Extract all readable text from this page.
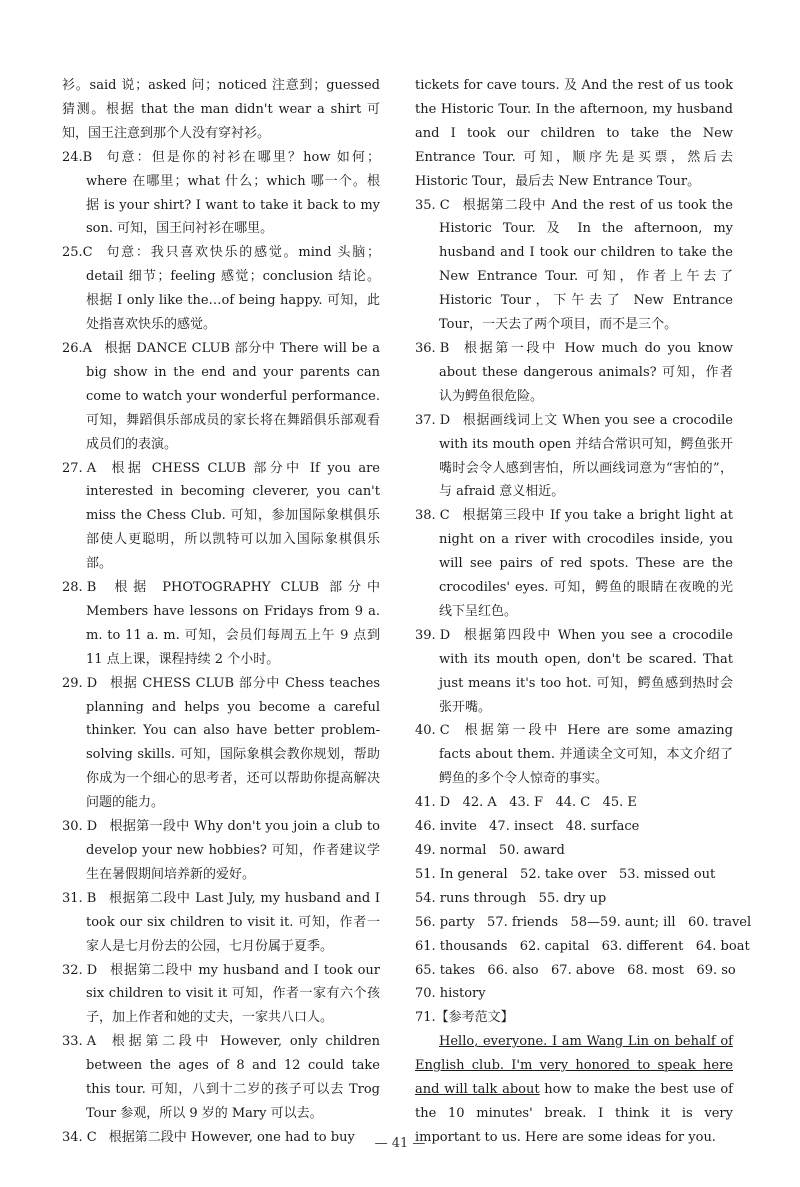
衫。said 说；asked 问；noticed 注意到；guessed 猜测。根据 that the man didn't wear a shirt 可知，国王注意到那个人没有穿衬衫。

24.B 句意：但是你的衬衫在哪里？how 如何；where 在哪里；what 什么；which 哪一个。根据 is your shirt? I want to take it back to my son. 可知，国王问衬衫在哪里。

25.C 句意：我只喜欢快乐的感觉。mind 头脑；detail 细节；feeling 感觉；conclusion 结论。根据 I only like the…of being happy. 可知，此处指喜欢快乐的感觉。

26.A 根据 DANCE CLUB 部分中 There will be a big show in the end and your parents can come to watch your wonderful performance. 可知，舞蹈俱乐部成员的家长将在舞蹈俱乐部观看成员们的表演。

27. A 根据 CHESS CLUB 部分中 If you are interested in becoming cleverer, you can't miss the Chess Club. 可知，参加国际象棋俱乐部使人更聪明，所以凯特可以加入国际象棋俱乐部。

28. B 根据 PHOTOGRAPHY CLUB 部分中 Members have lessons on Fridays from 9 a. m. to 11 a. m. 可知，会员们每周五上午 9 点到 11 点上课，课程持续 2 个小时。

29. D 根据 CHESS CLUB 部分中 Chess teaches planning and helps you become a careful thinker. You can also have better problem-solving skills. 可知，国际象棋会教你规划，帮助你成为一个细心的思考者，还可以帮助你提高解决问题的能力。

30. D 根据第一段中 Why don't you join a club to develop your new hobbies? 可知，作者建议学生在暑假期间培养新的爱好。

31. B 根据第二段中 Last July, my husband and I took our six children to visit it. 可知，作者一家人是七月份去的公园，七月份属于夏季。

32. D 根据第二段中 my husband and I took our six children to visit it 可知，作者一家有六个孩子，加上作者和她的丈夫，一家共八口人。

33. A 根据第二段中 However, only children between the ages of 8 and 12 could take this tour. 可知，八到十二岁的孩子可以去 Trog Tour 参观，所以 9 岁的 Mary 可以去。

34. C 根据第二段中 However, one had to buy

tickets for cave tours. 及 And the rest of us took the Historic Tour. In the afternoon, my husband and I took our children to take the New Entrance Tour. 可知，顺序先是买票，然后去 Historic Tour，最后去 New Entrance Tour。

35. C 根据第二段中 And the rest of us took the Historic Tour. 及 In the afternoon, my husband and I took our children to take the New Entrance Tour. 可知，作者上午去了 Historic Tour，下午去了 New Entrance Tour，一天去了两个项目，而不是三个。

36. B 根据第一段中 How much do you know about these dangerous animals? 可知，作者认为鳄鱼很危险。

37. D 根据画线词上文 When you see a crocodile with its mouth open 并结合常识可知，鳄鱼张开嘴时会令人感到害怕，所以画线词意为“害怕的”，与 afraid 意义相近。

38. C 根据第三段中 If you take a bright light at night on a river with crocodiles inside, you will see pairs of red spots. These are the crocodiles' eyes. 可知，鳄鱼的眼睛在夜晚的光线下呈红色。

39. D 根据第四段中 When you see a crocodile with its mouth open, don't be scared. That just means it's too hot. 可知，鳄鱼感到热时会张开嘴。

40. C 根据第一段中 Here are some amazing facts about them. 并通读全文可知，本文介绍了鳄鱼的多个令人惊奇的事实。

41. D   42. A   43. F   44. C   45. E

46. invite   47. insect   48. surface

49. normal   50. award

51. In general   52. take over   53. missed out

54. runs through   55. dry up

56. party   57. friends   58—59. aunt; ill   60. travel

61. thousands   62. capital   63. different   64. boat

65. takes   66. also   67. above   68. most   69. so

70. history

71.【参考范文】

Hello, everyone. I am Wang Lin on behalf of English club. I'm very honored to speak here and will talk about how to make the best use of the 10 minutes' break. I think it is very important to us. Here are some ideas for you.

— 41 —
